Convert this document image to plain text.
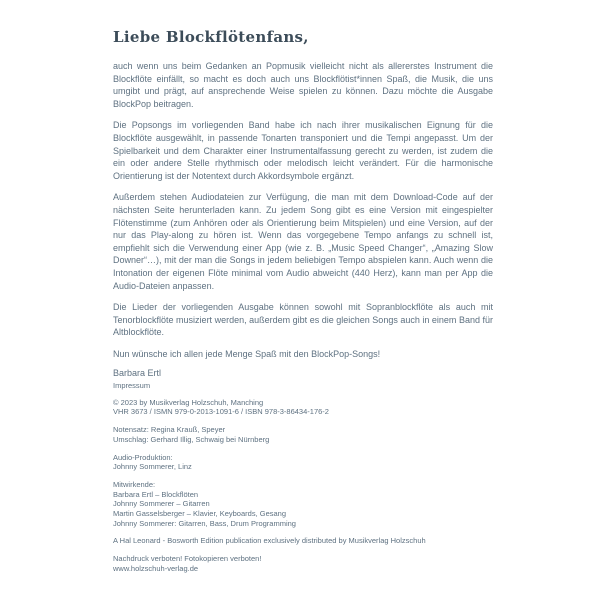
Liebe Blockflötenfans,

auch wenn uns beim Gedanken an Popmusik vielleicht nicht als allererstes Instrument die Blockflöte einfällt, so macht es doch auch uns Blockflötist*innen Spaß, die Musik, die uns umgibt und prägt, auf ansprechende Weise spielen zu können. Dazu möchte die Ausgabe BlockPop beitragen.

Die Popsongs im vorliegenden Band habe ich nach ihrer musikalischen Eignung für die Blockflöte ausgewählt, in passende Tonarten transponiert und die Tempi angepasst. Um der Spielbarkeit und dem Charakter einer Instrumentalfassung gerecht zu werden, ist zudem die ein oder andere Stelle rhythmisch oder melodisch leicht verändert. Für die harmonische Orientierung ist der Notentext durch Akkordsymbole ergänzt.

Außerdem stehen Audiodateien zur Verfügung, die man mit dem Download-Code auf der nächsten Seite herunterladen kann. Zu jedem Song gibt es eine Version mit eingespielter Flötenstimme (zum Anhören oder als Orientierung beim Mitspielen) und eine Version, auf der nur das Play-along zu hören ist. Wenn das vorgegebene Tempo anfangs zu schnell ist, empfiehlt sich die Verwendung einer App (wie z. B. „Music Speed Changer“, „Amazing Slow Downer“…), mit der man die Songs in jedem beliebigen Tempo abspielen kann. Auch wenn die Intonation der eigenen Flöte minimal vom Audio abweicht (440 Herz), kann man per App die Audio-Dateien anpassen.

Die Lieder der vorliegenden Ausgabe können sowohl mit Sopranblockflöte als auch mit Tenorblockflöte musiziert werden, außerdem gibt es die gleichen Songs auch in einem Band für Altblockflöte.

Nun wünsche ich allen jede Menge Spaß mit den BlockPop-Songs!

Barbara Ertl

Impressum

© 2023 by Musikverlag Holzschuh, Manching

VHR 3673 / ISMN 979-0-2013-1091-6 / ISBN 978-3-86434-176-2

Notensatz: Regina Krauß, Speyer

Umschlag: Gerhard Illig, Schwaig bei Nürnberg

Audio-Produktion:

Johnny Sommerer, Linz

Mitwirkende:

Barbara Ertl – Blockflöten

Johnny Sommerer – Gitarren

Martin Gasselsberger – Klavier, Keyboards, Gesang

Johnny Sommerer: Gitarren, Bass, Drum Programming

A Hal Leonard - Bosworth Edition publication exclusively distributed by Musikverlag Holzschuh

Nachdruck verboten! Fotokopieren verboten!

www.holzschuh-verlag.de
